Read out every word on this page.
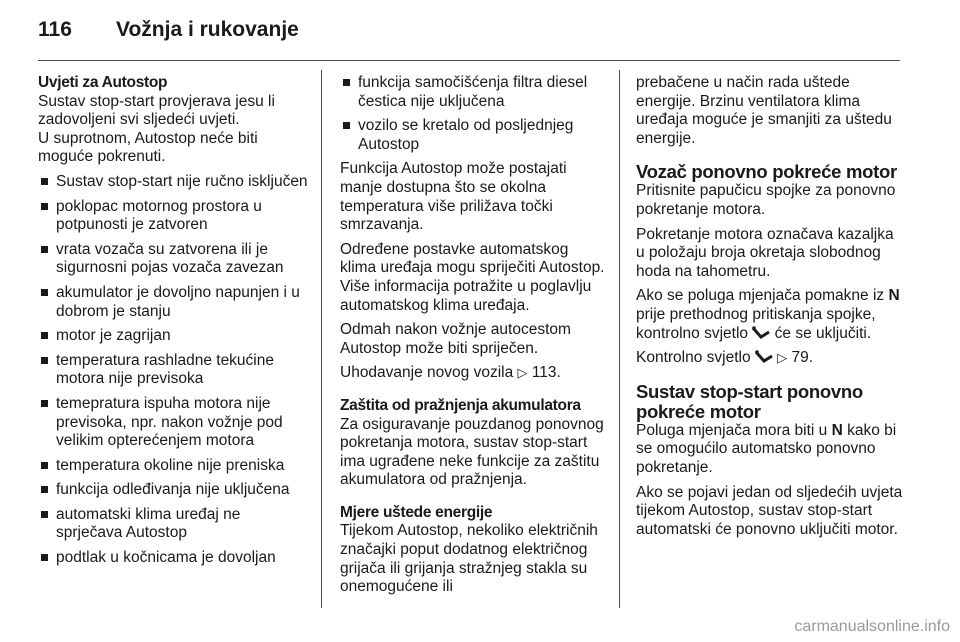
116 Vožnja i rukovanje
Uvjeti za Autostop

Sustav stop-start provjerava jesu li zadovoljeni svi sljedeći uvjeti.

U suprotnom, Autostop neće biti moguće pokrenuti.

Sustav stop-start nije ručno isključen
poklopac motornog prostora u potpunosti je zatvoren
vrata vozača su zatvorena ili je sigurnosni pojas vozača zavezan
akumulator je dovoljno napunjen i u dobrom je stanju
motor je zagrijan
temperatura rashladne tekućine motora nije previsoka
temepratura ispuha motora nije previsoka, npr. nakon vožnje pod velikim opterećenjem motora
temperatura okoline nije preniska
funkcija odleđivanja nije uključena
automatski klima uređaj ne sprječava Autostop
podtlak u kočnicama je dovoljan
funkcija samočišćenja filtra diesel čestica nije uključena
vozilo se kretalo od posljednjeg Autostop

Funkcija Autostop može postajati manje dostupna što se okolna temperatura više priližava točki smrzavanja.

Određene postavke automatskog klima uređaja mogu spriječiti Autostop. Više informacija potražite u poglavlju automatskog klima uređaja.

Odmah nakon vožnje autocestom Autostop može biti spriječen.

Uhodavanje novog vozila ▷ 113.

Zaštita od pražnjenja akumulatora

Za osiguravanje pouzdanog ponovnog pokretanja motora, sustav stop-start ima ugrađene neke funkcije za zaštitu akumulatora od pražnjenja.

Mjere uštede energije

Tijekom Autostop, nekoliko električnih značajki poput dodatnog električnog grijača ili grijanja stražnjeg stakla su onemogućene ili

prebačene u način rada uštede energije. Brzinu ventilatora klima uređaja moguće je smanjiti za uštedu energije.

Vozač ponovno pokreće motor

Pritisnite papučicu spojke za ponovno pokretanje motora.

Pokretanje motora označava kazaljka u položaju broja okretaja slobodnog hoda na tahometru.

Ako se poluga mjenjača pomakne iz N prije prethodnog pritiskanja spojke, kontrolno svjetlo će se uključiti.

Kontrolno svjetlo ▷ 79.

Sustav stop-start ponovno
pokreće motor

Poluga mjenjača mora biti u N kako bi se omogućilo automatsko ponovno pokretanje.

Ako se pojavi jedan od sljedećih uvjeta tijekom Autostop, sustav stop-start automatski će ponovno uključiti motor.

carmanualsonline.info
